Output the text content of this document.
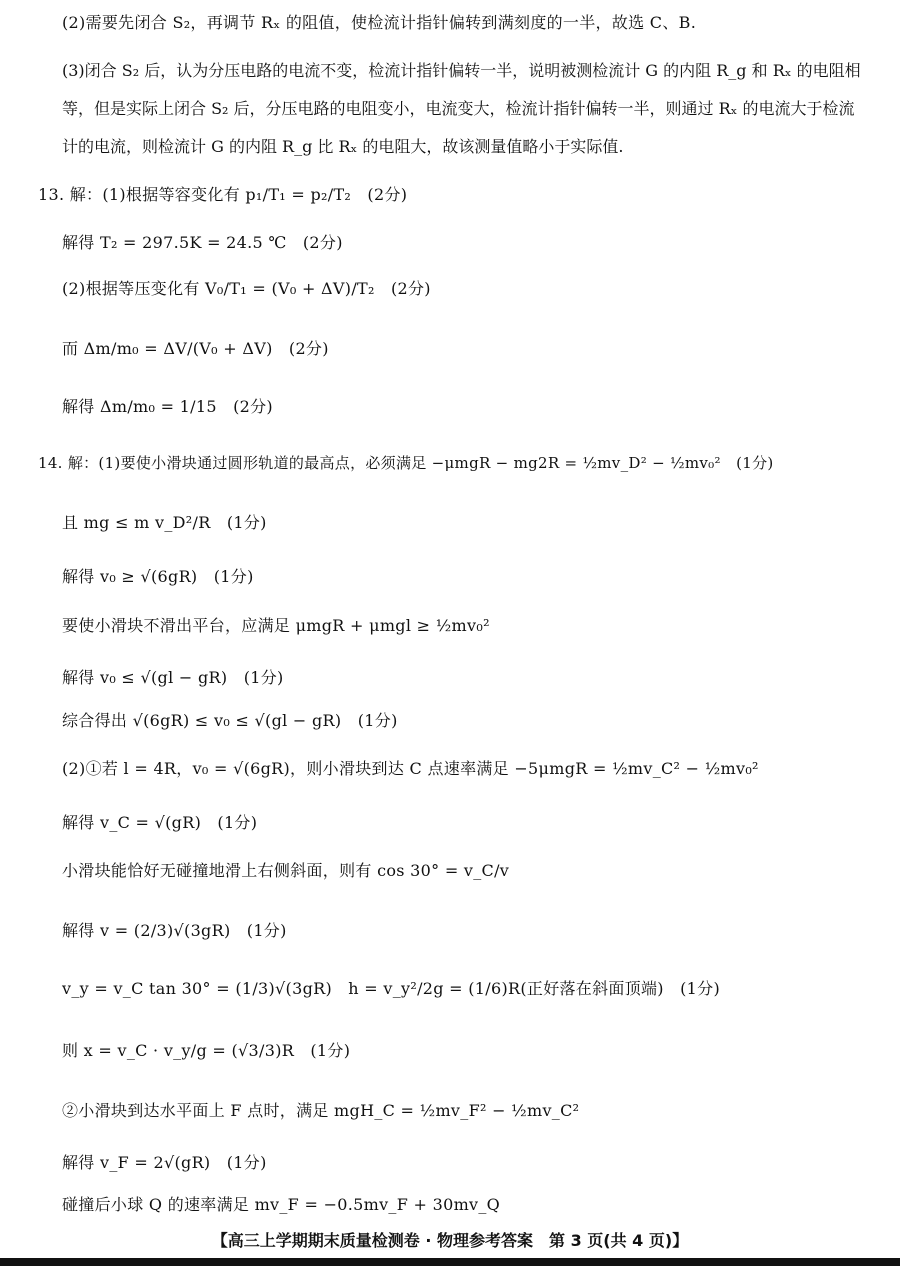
(2)需要先闭合 S₂，再调节 Rₓ 的阻值，使检流计指针偏转到满刻度的一半，故选 C、B.
(3)闭合 S₂ 后，认为分压电路的电流不变，检流计指针偏转一半，说明被测检流计 G 的内阻 R_g 和 Rₓ 的电阻相等，但是实际上闭合 S₂ 后，分压电路的电阻变小，电流变大，检流计指针偏转一半，则通过 Rₓ 的电流大于检流计的电流，则检流计 G 的内阻 R_g 比 Rₓ 的电阻大，故该测量值略小于实际值.
13. 解：(1)根据等容变化有 p₁/T₁ = p₂/T₂　(2分)
解得 T₂ = 297.5K = 24.5 ℃　(2分)
(2)根据等压变化有 V₀/T₁ = (V₀ + ΔV)/T₂　(2分)
而 Δm/m₀ = ΔV/(V₀ + ΔV)　(2分)
解得 Δm/m₀ = 1/15　(2分)
14. 解：(1)要使小滑块通过圆形轨道的最高点，必须满足 −μmgR − mg2R = ½mv_D² − ½mv₀²　(1分)
且 mg ≤ m v_D²/R　(1分)
解得 v₀ ≥ √(6gR)　(1分)
要使小滑块不滑出平台，应满足 μmgR + μmgl ≥ ½mv₀²
解得 v₀ ≤ √(gl − gR)　(1分)
综合得出 √(6gR) ≤ v₀ ≤ √(gl − gR)　(1分)
(2)①若 l = 4R，v₀ = √(6gR)，则小滑块到达 C 点速率满足 −5μmgR = ½mv_C² − ½mv₀²
解得 v_C = √(gR)　(1分)
小滑块能恰好无碰撞地滑上右侧斜面，则有 cos 30° = v_C/v
解得 v = (2/3)√(3gR)　(1分)
v_y = v_C tan 30° = (1/3)√(3gR)　h = v_y²/2g = (1/6)R(正好落在斜面顶端)　(1分)
则 x = v_C · v_y/g = (√3/3)R　(1分)
②小滑块到达水平面上 F 点时，满足 mgH_C = ½mv_F² − ½mv_C²
解得 v_F = 2√(gR)　(1分)
碰撞后小球 Q 的速率满足 mv_F = −0.5mv_F + 30mv_Q
【高三上学期期末质量检测卷 · 物理参考答案　第 3 页(共 4 页)】
